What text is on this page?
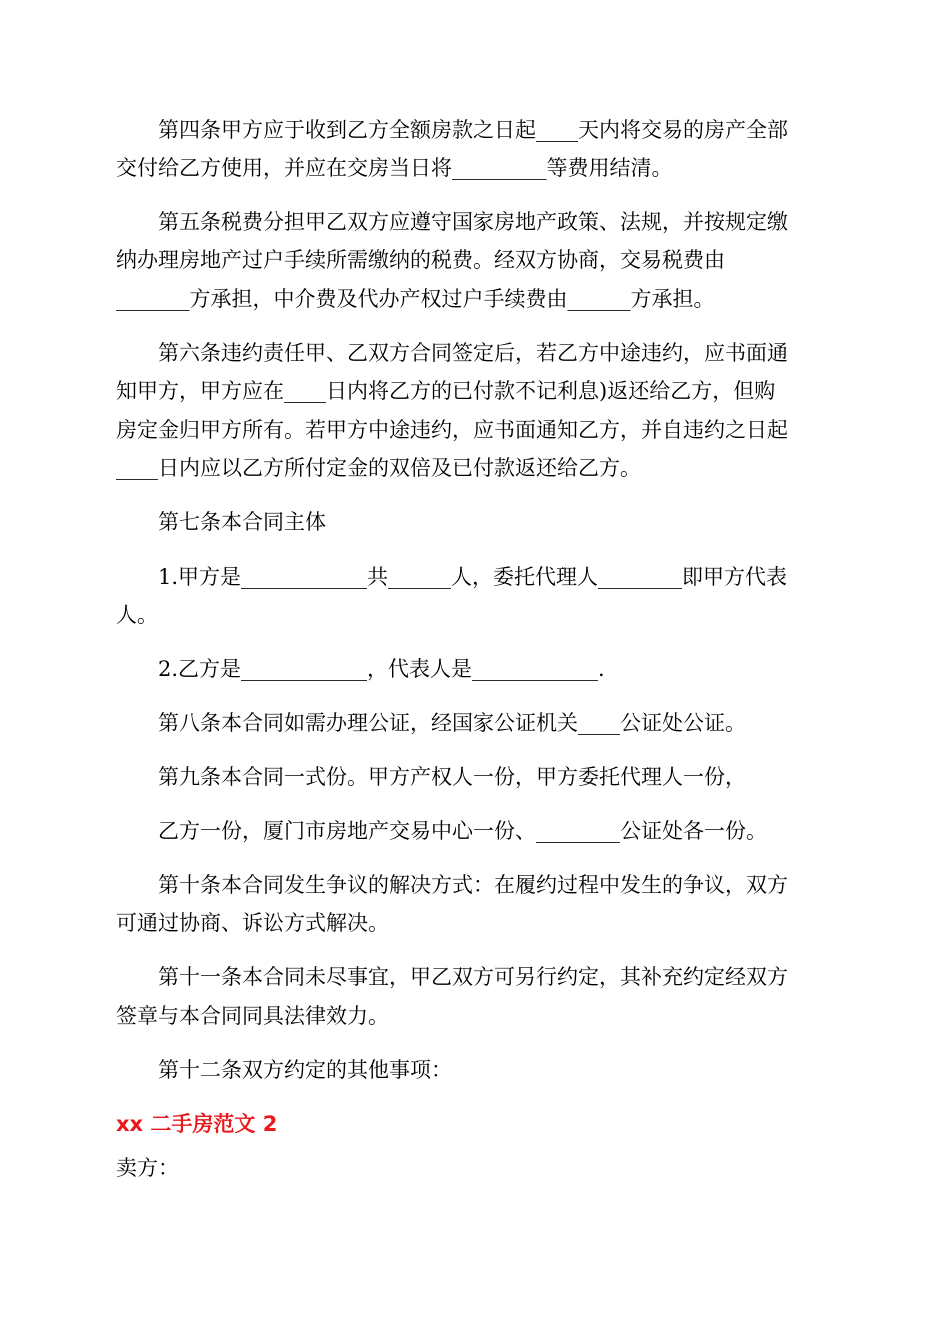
　　第四条甲方应于收到乙方全额房款之日起____天内将交易的房产全部

交付给乙方使用，并应在交房当日将_________等费用结清。

　　第五条税费分担甲乙双方应遵守国家房地产政策、法规，并按规定缴

纳办理房地产过户手续所需缴纳的税费。经双方协商，交易税费由

_______方承担，中介费及代办产权过户手续费由______方承担。

　　第六条违约责任甲、乙双方合同签定后，若乙方中途违约，应书面通

知甲方，甲方应在____日内将乙方的已付款不记利息)返还给乙方，但购

房定金归甲方所有。若甲方中途违约，应书面通知乙方，并自违约之日起

____日内应以乙方所付定金的双倍及已付款返还给乙方。

　　第七条本合同主体

　　1.甲方是____________共______人，委托代理人________即甲方代表

人。

　　2.乙方是____________，代表人是____________.

　　第八条本合同如需办理公证，经国家公证机关____公证处公证。

　　第九条本合同一式份。甲方产权人一份，甲方委托代理人一份，

　　乙方一份，厦门市房地产交易中心一份、________公证处各一份。

　　第十条本合同发生争议的解决方式：在履约过程中发生的争议，双方

可通过协商、诉讼方式解决。

　　第十一条本合同未尽事宜，甲乙双方可另行约定，其补充约定经双方

签章与本合同同具法律效力。

　　第十二条双方约定的其他事项：

xx 二手房范文 2

卖方：
